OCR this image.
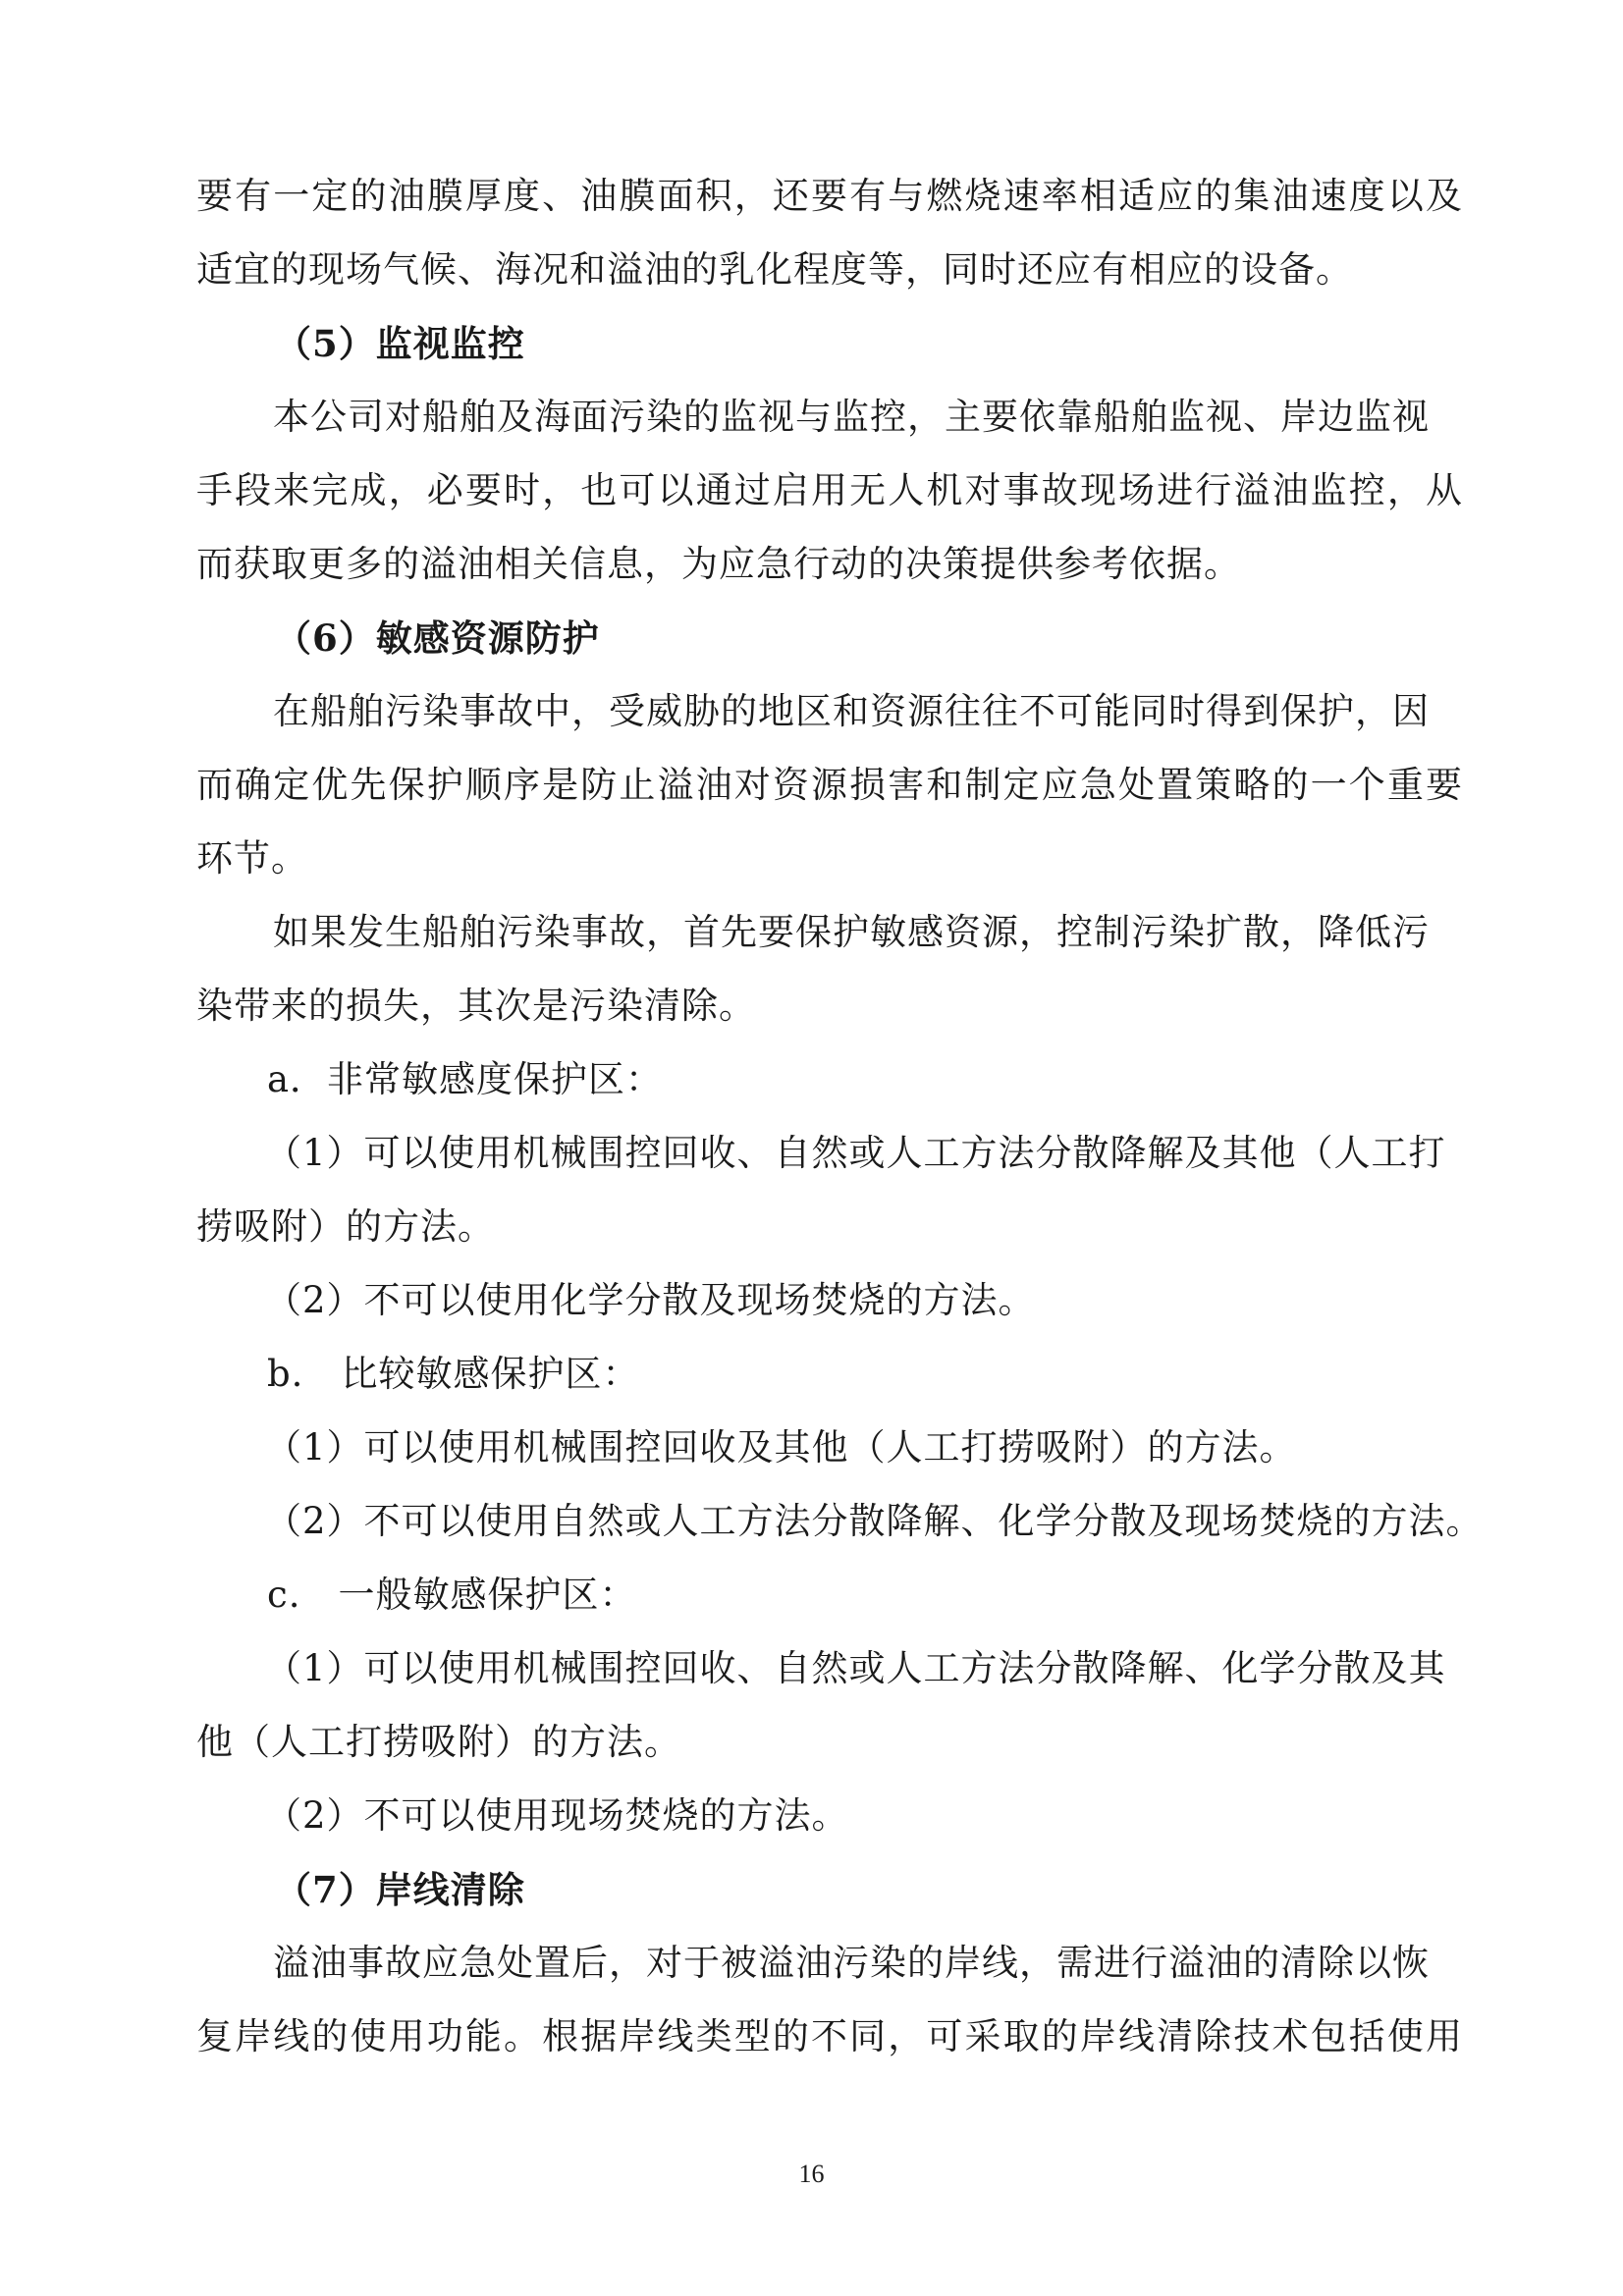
要有一定的油膜厚度、油膜面积，还要有与燃烧速率相适应的集油速度以及
适宜的现场气候、海况和溢油的乳化程度等，同时还应有相应的设备。
（5）监视监控
本公司对船舶及海面污染的监视与监控，主要依靠船舶监视、岸边监视
手段来完成，必要时，也可以通过启用无人机对事故现场进行溢油监控，从
而获取更多的溢油相关信息，为应急行动的决策提供参考依据。
（6）敏感资源防护
在船舶污染事故中，受威胁的地区和资源往往不可能同时得到保护，因
而确定优先保护顺序是防止溢油对资源损害和制定应急处置策略的一个重要
环节。
如果发生船舶污染事故，首先要保护敏感资源，控制污染扩散，降低污
染带来的损失，其次是污染清除。
a．非常敏感度保护区：
（1）可以使用机械围控回收、自然或人工方法分散降解及其他（人工打
捞吸附）的方法。
（2）不可以使用化学分散及现场焚烧的方法。
b.　比较敏感保护区：
（1）可以使用机械围控回收及其他（人工打捞吸附）的方法。
（2）不可以使用自然或人工方法分散降解、化学分散及现场焚烧的方法。
c.　一般敏感保护区：
（1）可以使用机械围控回收、自然或人工方法分散降解、化学分散及其
他（人工打捞吸附）的方法。
（2）不可以使用现场焚烧的方法。
（7）岸线清除
溢油事故应急处置后，对于被溢油污染的岸线，需进行溢油的清除以恢
复岸线的使用功能。根据岸线类型的不同，可采取的岸线清除技术包括使用
16
